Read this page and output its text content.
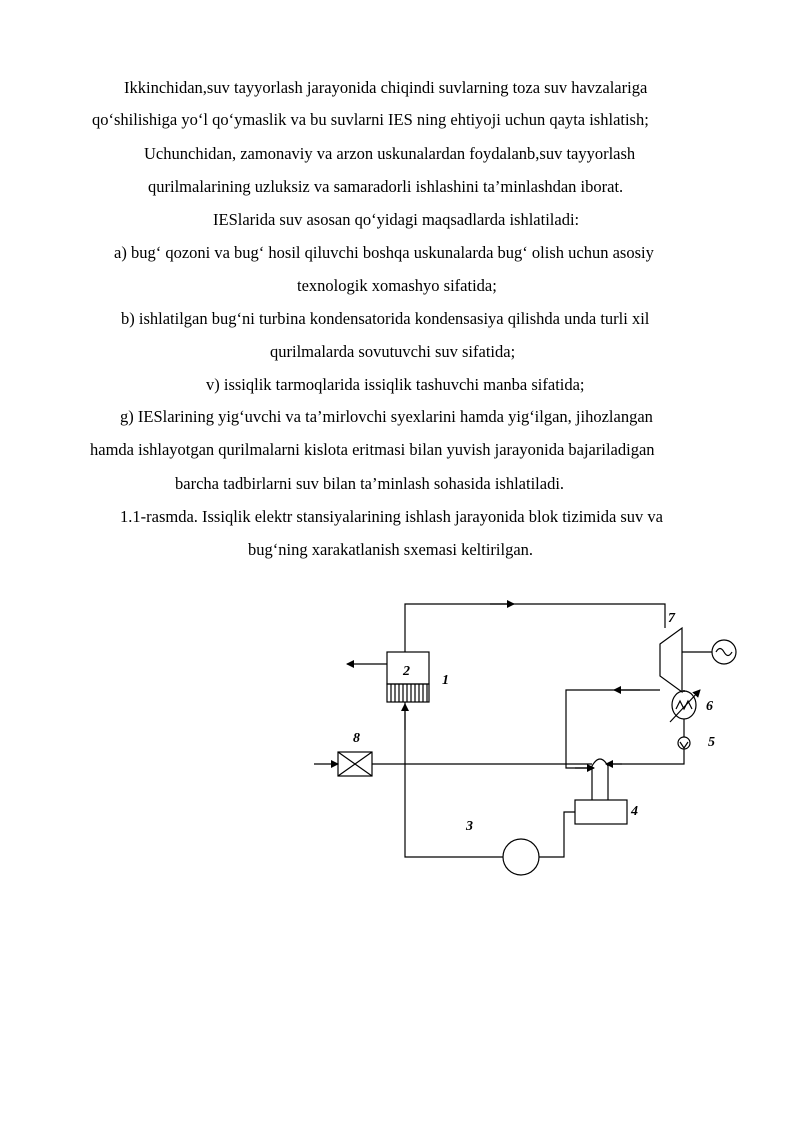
Ikkinchidan,suv tayyorlash jarayonida chiqindi suvlarning toza suv havzalariga
qo‘shilishiga yo‘l qo‘ymaslik va bu suvlarni IES ning ehtiyoji uchun qayta ishlatish;
Uchunchidan, zamonaviy va arzon uskunalardan foydalanb,suv tayyorlash
qurilmalarining uzluksiz va samaradorli ishlashini ta’minlashdan iborat.
IESlarida suv asosan qo‘yidagi maqsadlarda ishlatiladi:
a) bug‘ qozoni va bug‘ hosil qiluvchi boshqa uskunalarda bug‘ olish uchun asosiy
texnologik xomashyo sifatida;
b) ishlatilgan bug‘ni turbina kondensatorida kondensasiya qilishda unda turli xil
qurilmalarda sovutuvchi suv sifatida;
v) issiqlik tarmoqlarida issiqlik tashuvchi manba sifatida;
g) IESlarining yig‘uvchi va ta’mirlovchi syexlarini hamda yig‘ilgan, jihozlangan
hamda ishlayotgan qurilmalarni kislota eritmasi bilan yuvish jarayonida bajariladigan
barcha tadbirlarni suv bilan ta’minlash sohasida ishlatiladi.
1.1-rasmda. Issiqlik elektr stansiyalarining ishlash jarayonida blok tizimida suv va
bug‘ning xarakatlanish sxemasi keltirilgan.
2
1
7
6
5
8
4
3
